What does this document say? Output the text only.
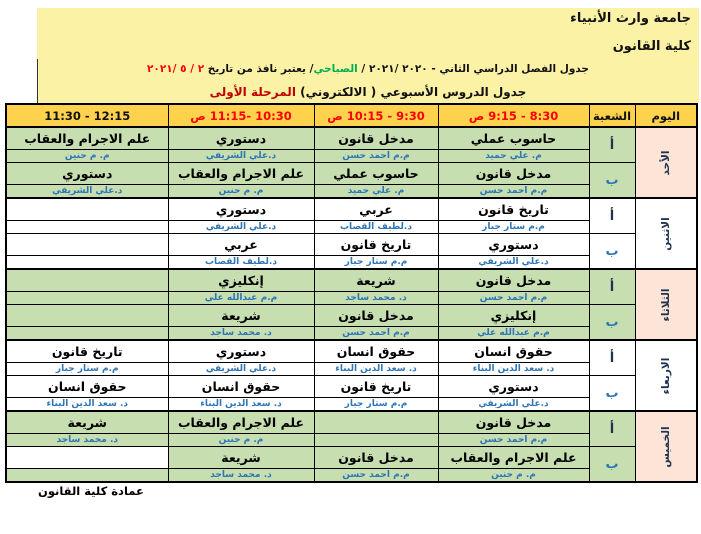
جامعة وارث الأنبياء
كلية القانون
جدول الفصل الدراسي الثاني - ٢٠٢٠ /٢٠٢١ / الصباحي/ يعتبر نافذ من تاريخ ٢ / ٥ /٢٠٢١
جدول الدروس الأسبوعي ( الالكتروني) المرحلة الأولى
اليوم	الشعبة	8:30 - 9:15 ص	9:30 - 10:15 ص	10:30 -11:15 ص	11:30 - 12:15

الأحد	أ	حاسوب عملي	مدخل قانون	دستوري	علم الاجرام والعقاب
		م. علي حميد	م.م احمد حسن	د.علي الشريفي	م. م حنين
	ب	مدخل قانون	حاسوب عملي	علم الاجرام والعقاب	دستوري
		م.م احمد حسن	م. علي حميد	م. م حنين	د.علي الشريفي

الاثنين	أ	تاريخ قانون	عربي	دستوري	
		م.م ستار جبار	د.لطيف القصاب	د.علي الشريفي	
	ب	دستوري	تاريخ قانون	عربي	
		د.علي الشريفي	م.م ستار جبار	د.لطيف القصاب	

الثلاثاء	أ	مدخل قانون	شريعة	إنكليزي	
		م.م احمد حسن	د. محمد ساجد	م.م عبدالله علي	
	ب	إنكليزي	مدخل قانون	شريعة	
		م.م عبدالله علي	م.م احمد حسن	د. محمد ساجد	

الاربعاء	أ	حقوق انسان	حقوق انسان	دستوري	تاريخ قانون
		د. سعد الدين البناء	د. سعد الدين البناء	د.علي الشريفي	م.م ستار جبار
	ب	دستوري	تاريخ قانون	حقوق انسان	حقوق انسان
		د.علي الشريفي	م.م ستار جبار	د. سعد الدين البناء	د. سعد الدين البناء

الخميس	أ	مدخل قانون		علم الاجرام والعقاب	شريعة
		م.م احمد حسن		م. م حنين	د. محمد ساجد
	ب	علم الاجرام والعقاب	مدخل قانون	شريعة	
		م. م حنين	م.م احمد حسن	د. محمد ساجد	
عمادة كلية القانون
